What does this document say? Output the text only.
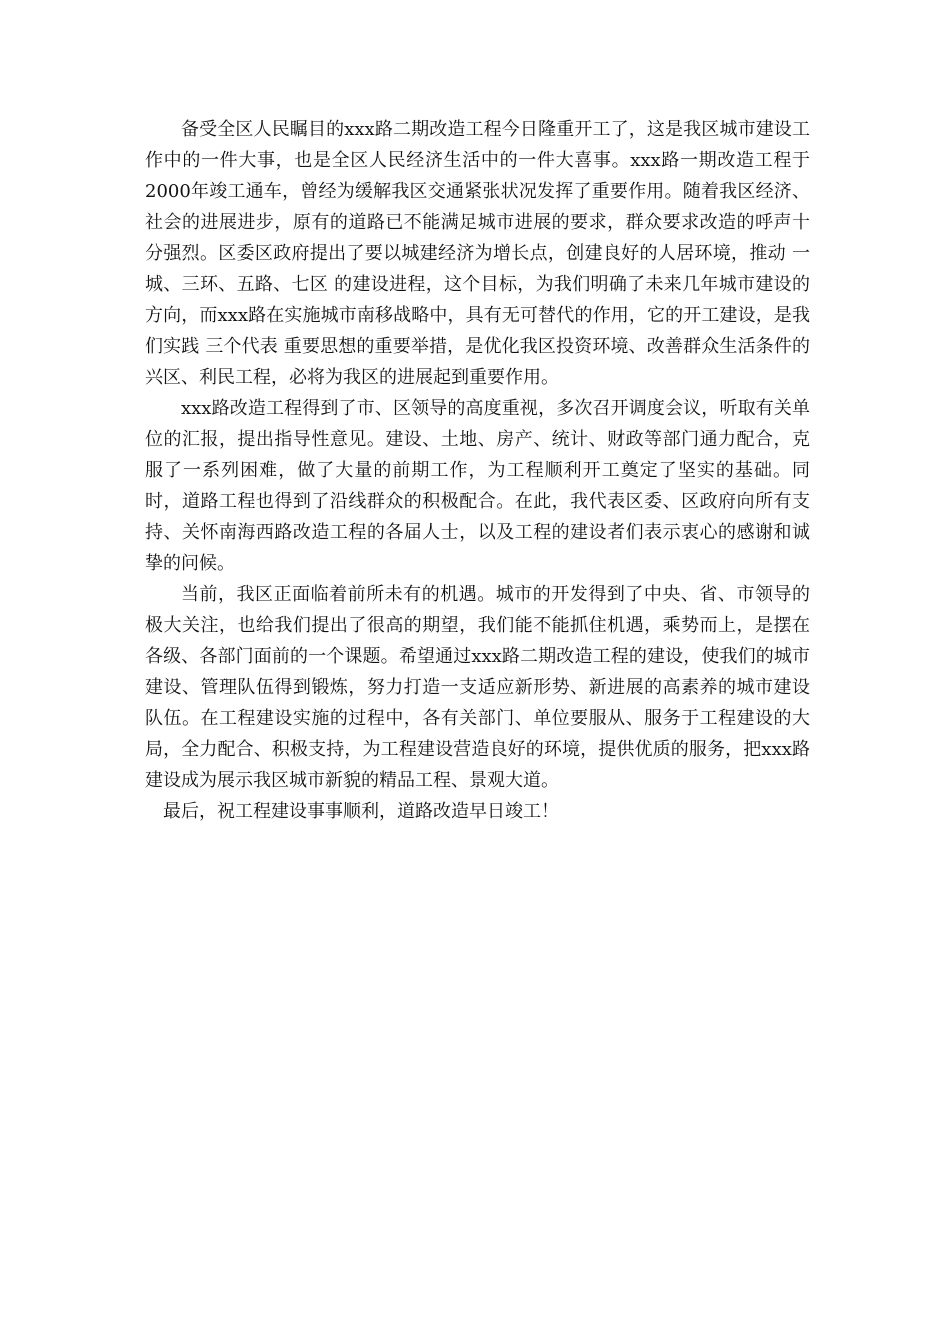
备受全区人民瞩目的xxx路二期改造工程今日隆重开工了，这是我区城市建设工作中的一件大事，也是全区人民经济生活中的一件大喜事。xxx路一期改造工程于2000年竣工通车，曾经为缓解我区交通紧张状况发挥了重要作用。随着我区经济、社会的进展进步，原有的道路已不能满足城市进展的要求，群众要求改造的呼声十分强烈。区委区政府提出了要以城建经济为增长点，创建良好的人居环境，推动 一城、三环、五路、七区 的建设进程，这个目标，为我们明确了未来几年城市建设的方向，而xxx路在实施城市南移战略中，具有无可替代的作用，它的开工建设，是我们实践 三个代表 重要思想的重要举措，是优化我区投资环境、改善群众生活条件的兴区、利民工程，必将为我区的进展起到重要作用。

xxx路改造工程得到了市、区领导的高度重视，多次召开调度会议，听取有关单位的汇报，提出指导性意见。建设、土地、房产、统计、财政等部门通力配合，克服了一系列困难，做了大量的前期工作，为工程顺利开工奠定了坚实的基础。同时，道路工程也得到了沿线群众的积极配合。在此，我代表区委、区政府向所有支持、关怀南海西路改造工程的各届人士，以及工程的建设者们表示衷心的感谢和诚挚的问候。

当前，我区正面临着前所未有的机遇。城市的开发得到了中央、省、市领导的极大关注，也给我们提出了很高的期望，我们能不能抓住机遇，乘势而上，是摆在各级、各部门面前的一个课题。希望通过xxx路二期改造工程的建设，使我们的城市建设、管理队伍得到锻炼，努力打造一支适应新形势、新进展的高素养的城市建设队伍。在工程建设实施的过程中，各有关部门、单位要服从、服务于工程建设的大局，全力配合、积极支持，为工程建设营造良好的环境，提供优质的服务，把xxx路建设成为展示我区城市新貌的精品工程、景观大道。

最后，祝工程建设事事顺利，道路改造早日竣工！
